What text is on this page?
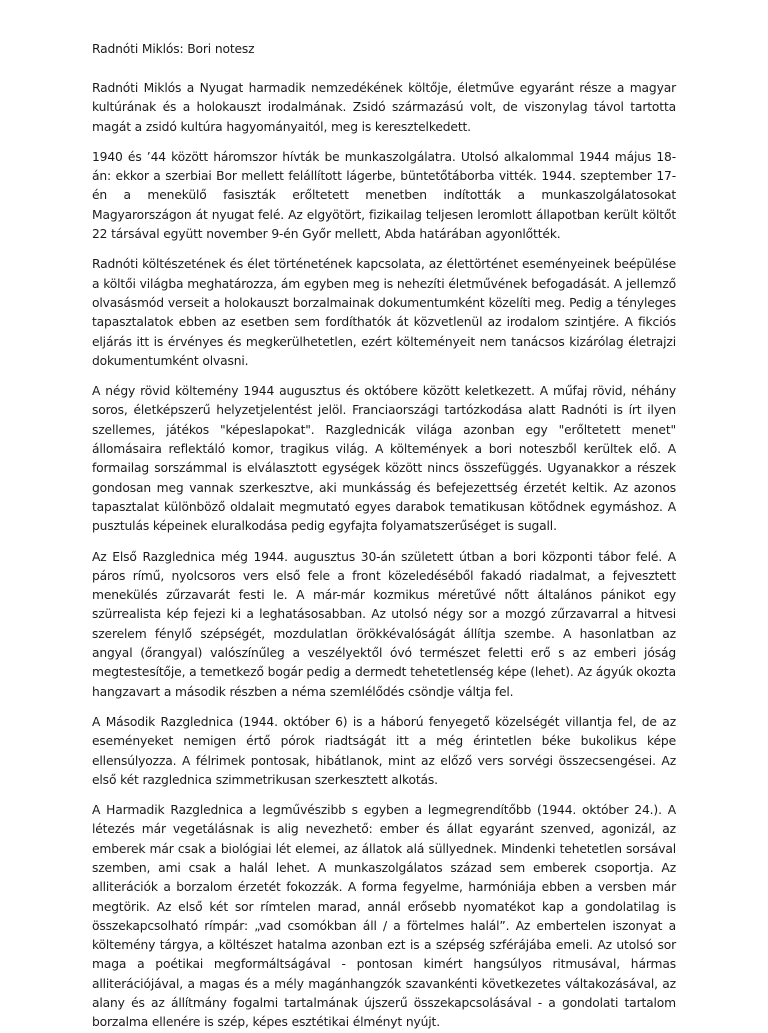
Radnóti Miklós: Bori notesz

Radnóti Miklós a Nyugat harmadik nemzedékének költője, életműve egyaránt része a magyar kultúrának és a holokauszt irodalmának. Zsidó származású volt, de viszonylag távol tartotta magát a zsidó kultúra hagyományaitól, meg is keresztelkedett.

1940 és ’44 között háromszor hívták be munkaszolgálatra. Utolsó alkalommal 1944 május 18-án: ekkor a szerbiai Bor mellett felállított lágerbe, büntetőtáborba vitték. 1944. szeptember 17-én a menekülő fasiszták erőltetett menetben indították a munkaszolgálatosokat Magyarországon át nyugat felé. Az elgyötört, fizikailag teljesen leromlott állapotban került költőt 22 társával együtt november 9-én Győr mellett, Abda határában agyonlőtték.

Radnóti költészetének és élet történetének kapcsolata, az élettörténet eseményeinek beépülése a költői világba meghatározza, ám egyben meg is nehezíti életművének befogadását. A jellemző olvasásmód verseit a holokauszt borzalmainak dokumentumként közelíti meg. Pedig a tényleges tapasztalatok ebben az esetben sem fordíthatók át közvetlenül az irodalom szintjére. A fikciós eljárás itt is érvényes és megkerülhetetlen, ezért költeményeit nem tanácsos kizárólag életrajzi dokumentumként olvasni.

A négy rövid költemény 1944 augusztus és októbere között keletkezett. A műfaj rövid, néhány soros, életképszerű helyzetjelentést jelöl. Franciaországi tartózkodása alatt Radnóti is írt ilyen szellemes, játékos "képeslapokat". Razglednicák világa azonban egy "erőltetett menet" állomásaira reflektáló komor, tragikus világ. A költemények a bori noteszből kerültek elő. A formailag sorszámmal is elválasztott egységek között nincs összefüggés. Ugyanakkor a részek gondosan meg vannak szerkesztve, aki munkásság és befejezettség érzetét keltik. Az azonos tapasztalat különböző oldalait megmutató egyes darabok tematikusan kötődnek egymáshoz. A pusztulás képeinek eluralkodása pedig egyfajta folyamatszerűséget is sugall.

Az Első Razglednica még 1944. augusztus 30-án született útban a bori központi tábor felé. A páros rímű, nyolcsoros vers első fele a front közeledéséből fakadó riadalmat, a fejvesztett menekülés zűrzavarát festi le. A már-már kozmikus méretűvé nőtt általános pánikot egy szürrealista kép fejezi ki a leghatásosabban. Az utolsó négy sor a mozgó zűrzavarral a hitvesi szerelem fénylő szépségét, mozdulatlan örökkévalóságát állítja szembe. A hasonlatban az angyal (őrangyal) valószínűleg a veszélyektől óvó természet feletti erő s az emberi jóság megtestesítője, a temetkező bogár pedig a dermedt tehetetlenség képe (lehet). Az ágyúk okozta hangzavart a második részben a néma szemlélődés csöndje váltja fel.

A Második Razglednica (1944. október 6) is a háború fenyegető közelségét villantja fel, de az eseményeket nemigen értő pórok riadtságát itt a még érintetlen béke bukolikus képe ellensúlyozza. A félrimek pontosak, hibátlanok, mint az előző vers sorvégi összecsengései. Az első két razglednica szimmetrikusan szerkesztett alkotás.

A Harmadik Razglednica a legművészibb s egyben a legmegrendítőbb (1944. október 24.). A létezés már vegetálásnak is alig nevezhető: ember és állat egyaránt szenved, agonizál, az emberek már csak a biológiai lét elemei, az állatok alá süllyednek. Mindenki tehetetlen sorsával szemben, ami csak a halál lehet. A munkaszolgálatos század sem emberek csoportja. Az alliterációk a borzalom érzetét fokozzák. A forma fegyelme, harmóniája ebben a versben már megtörik. Az első két sor rímtelen marad, annál erősebb nyomatékot kap a gondolatilag is összekapcsolható rímpár: „vad csomókban áll / a förtelmes halál”. Az embertelen iszonyat a költemény tárgya, a költészet hatalma azonban ezt is a szépség szférájába emeli. Az utolsó sor maga a poétikai megformáltságával - pontosan kimért hangsúlyos ritmusával, hármas alliterációjával, a magas és a mély magánhangzók szavankénti következetes váltakozásával, az alany és az állítmány fogalmi tartalmának újszerű összekapcsolásával - a gondolati tartalom borzalma ellenére is szép, képes esztétikai élményt nyújt.
